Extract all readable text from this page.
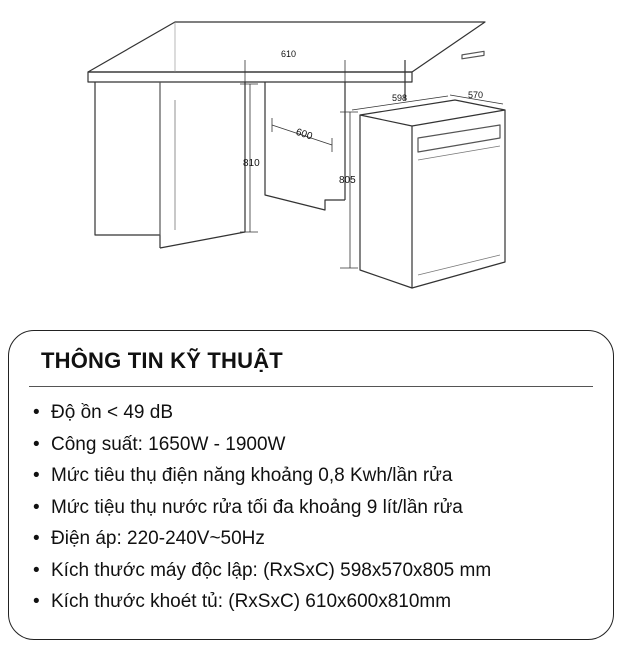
610
600
810
598	570
805
THÔNG TIN KỸ THUẬT
• Độ ồn < 49 dB
• Công suất: 1650W - 1900W
• Mức tiêu thụ điện năng khoảng 0,8 Kwh/lần rửa
• Mức tiệu thụ nước rửa tối đa khoảng 9 lít/lần rửa
• Điện áp: 220-240V~50Hz
• Kích thước máy độc lập: (RxSxC) 598x570x805 mm
• Kích thước khoét tủ: (RxSxC) 610x600x810mm
